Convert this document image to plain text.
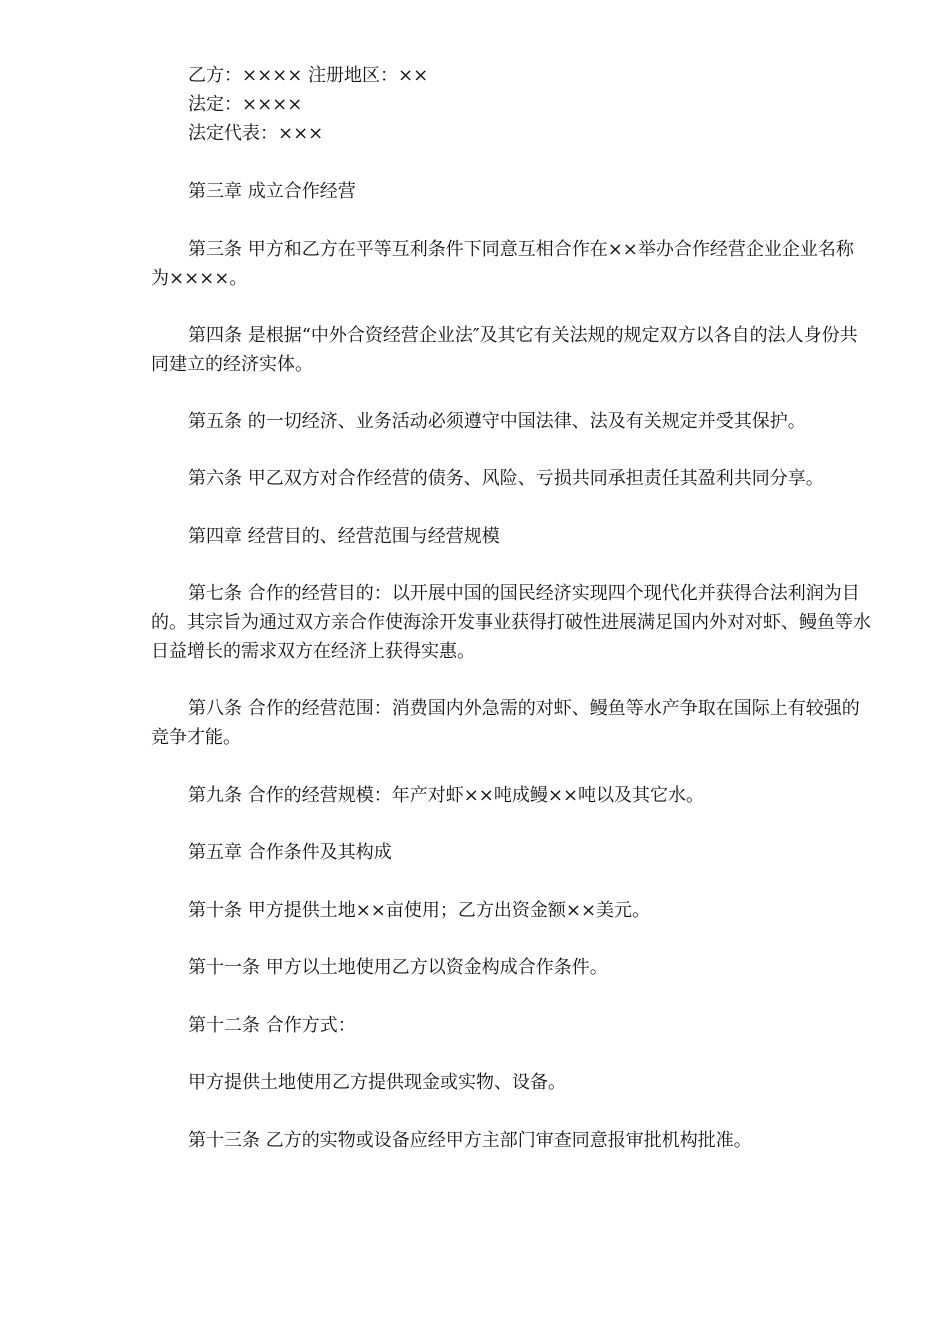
乙方：×××× 注册地区：××
法定：××××
法定代表：×××
第三章 成立合作经营
第三条 甲方和乙方在平等互利条件下同意互相合作在××举办合作经营企业企业名称为××××。
第四条 是根据“中外合资经营企业法″及其它有关法规的规定双方以各自的法人身份共同建立的经济实体。
第五条 的一切经济、业务活动必须遵守中国法律、法及有关规定并受其保护。
第六条 甲乙双方对合作经营的债务、风险、亏损共同承担责任其盈利共同分享。
第四章 经营目的、经营范围与经营规模
第七条 合作的经营目的：以开展中国的国民经济实现四个现代化并获得合法利润为目的。其宗旨为通过双方亲合作使海涂开发事业获得打破性进展满足国内外对对虾、鳗鱼等水日益增长的需求双方在经济上获得实惠。
第八条 合作的经营范围：消费国内外急需的对虾、鳗鱼等水产争取在国际上有较强的竞争才能。
第九条 合作的经营规模：年产对虾××吨成鳗××吨以及其它水。
第五章 合作条件及其构成
第十条 甲方提供土地××亩使用；乙方出资金额××美元。
第十一条 甲方以土地使用乙方以资金构成合作条件。
第十二条 合作方式：
甲方提供土地使用乙方提供现金或实物、设备。
第十三条 乙方的实物或设备应经甲方主部门审查同意报审批机构批准。
